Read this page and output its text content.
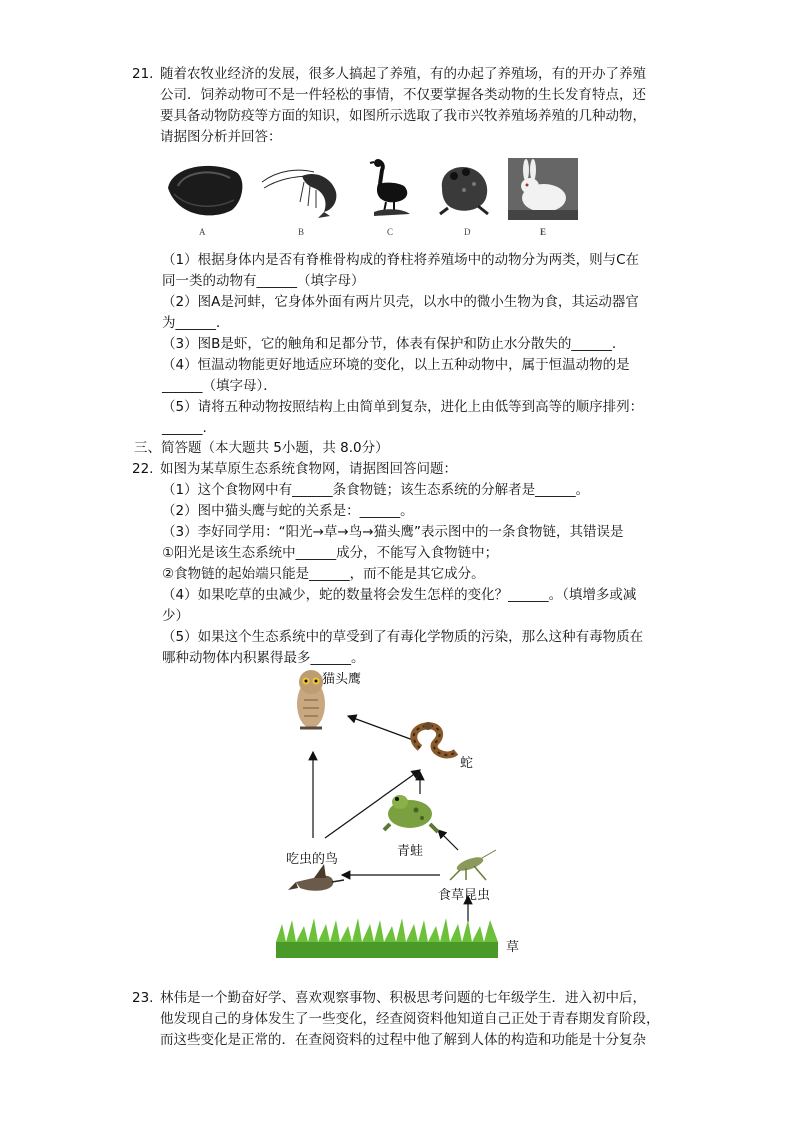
21. 随着农牧业经济的发展，很多人搞起了养殖，有的办起了养殖场，有的开办了养殖
公司．饲养动物可不是一件轻松的事情，不仅要掌握各类动物的生长发育特点，还
要具备动物防疫等方面的知识，如图所示选取了我市兴牧养殖场养殖的几种动物，
请据图分析并回答：
A	B	C	D	E
（1）根据身体内是否有脊椎骨构成的脊柱将养殖场中的动物分为两类，则与C在
同一类的动物有______（填字母）
（2）图A是河蚌，它身体外面有两片贝壳，以水中的微小生物为食，其运动器官
为______．
（3）图B是虾，它的触角和足都分节，体表有保护和防止水分散失的______．
（4）恒温动物能更好地适应环境的变化，以上五种动物中，属于恒温动物的是
______（填字母）．
（5）请将五种动物按照结构上由简单到复杂，进化上由低等到高等的顺序排列：
______.
三、简答题（本大题共 5小题，共 8.0分）
22. 如图为某草原生态系统食物网，请据图回答问题：
（1）这个食物网中有______条食物链；该生态系统的分解者是______。
（2）图中猫头鹰与蛇的关系是：______。
（3）李好同学用：“阳光→草→鸟→猫头鹰”表示图中的一条食物链，其错误是
①阳光是该生态系统中______成分，不能写入食物链中；
②食物链的起始端只能是______，而不能是其它成分。
（4）如果吃草的虫减少，蛇的数量将会发生怎样的变化？______。（填增多或减
少）
（5）如果这个生态系统中的草受到了有毒化学物质的污染，那么这种有毒物质在
哪种动物体内积累得最多______。
猫头鹰
蛇
青蛙
吃虫的鸟
食草昆虫
草
23. 林伟是一个勤奋好学、喜欢观察事物、积极思考问题的七年级学生．进入初中后，
他发现自己的身体发生了一些变化，经查阅资料他知道自己正处于青春期发育阶段，
而这些变化是正常的．在查阅资料的过程中他了解到人体的构造和功能是十分复杂
